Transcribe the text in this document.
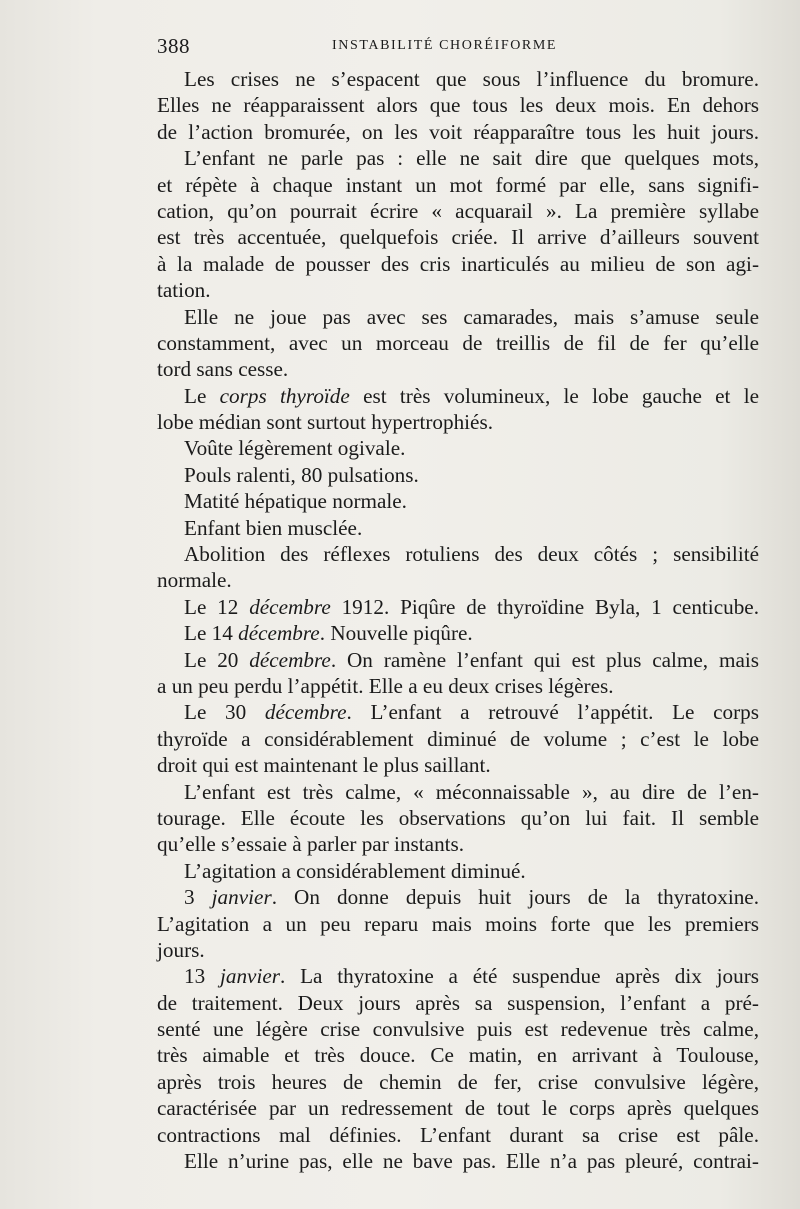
388	INSTABILITÉ CHORÉIFORME
Les crises ne s’espacent que sous l’influence du bromure.
Elles ne réapparaissent alors que tous les deux mois. En dehors
de l’action bromurée, on les voit réapparaître tous les huit jours.
L’enfant ne parle pas : elle ne sait dire que quelques mots,
et répète à chaque instant un mot formé par elle, sans signifi-
cation, qu’on pourrait écrire « acquarail ». La première syllabe
est très accentuée, quelquefois criée. Il arrive d’ailleurs souvent
à la malade de pousser des cris inarticulés au milieu de son agi-
tation.
Elle ne joue pas avec ses camarades, mais s’amuse seule
constamment, avec un morceau de treillis de fil de fer qu’elle
tord sans cesse.
Le corps thyroïde est très volumineux, le lobe gauche et le
lobe médian sont surtout hypertrophiés.
Voûte légèrement ogivale.
Pouls ralenti, 80 pulsations.
Matité hépatique normale.
Enfant bien musclée.
Abolition des réflexes rotuliens des deux côtés ; sensibilité
normale.
Le 12 décembre 1912. Piqûre de thyroïdine Byla, 1 centicube.
Le 14 décembre. Nouvelle piqûre.
Le 20 décembre. On ramène l’enfant qui est plus calme, mais
a un peu perdu l’appétit. Elle a eu deux crises légères.
Le 30 décembre. L’enfant a retrouvé l’appétit. Le corps
thyroïde a considérablement diminué de volume ; c’est le lobe
droit qui est maintenant le plus saillant.
L’enfant est très calme, « méconnaissable », au dire de l’en-
tourage. Elle écoute les observations qu’on lui fait. Il semble
qu’elle s’essaie à parler par instants.
L’agitation a considérablement diminué.
3 janvier. On donne depuis huit jours de la thyratoxine.
L’agitation a un peu reparu mais moins forte que les premiers
jours.
13 janvier. La thyratoxine a été suspendue après dix jours
de traitement. Deux jours après sa suspension, l’enfant a pré-
senté une légère crise convulsive puis est redevenue très calme,
très aimable et très douce. Ce matin, en arrivant à Toulouse,
après trois heures de chemin de fer, crise convulsive légère,
caractérisée par un redressement de tout le corps après quelques
contractions mal définies. L’enfant durant sa crise est pâle.
Elle n’urine pas, elle ne bave pas. Elle n’a pas pleuré, contrai-
